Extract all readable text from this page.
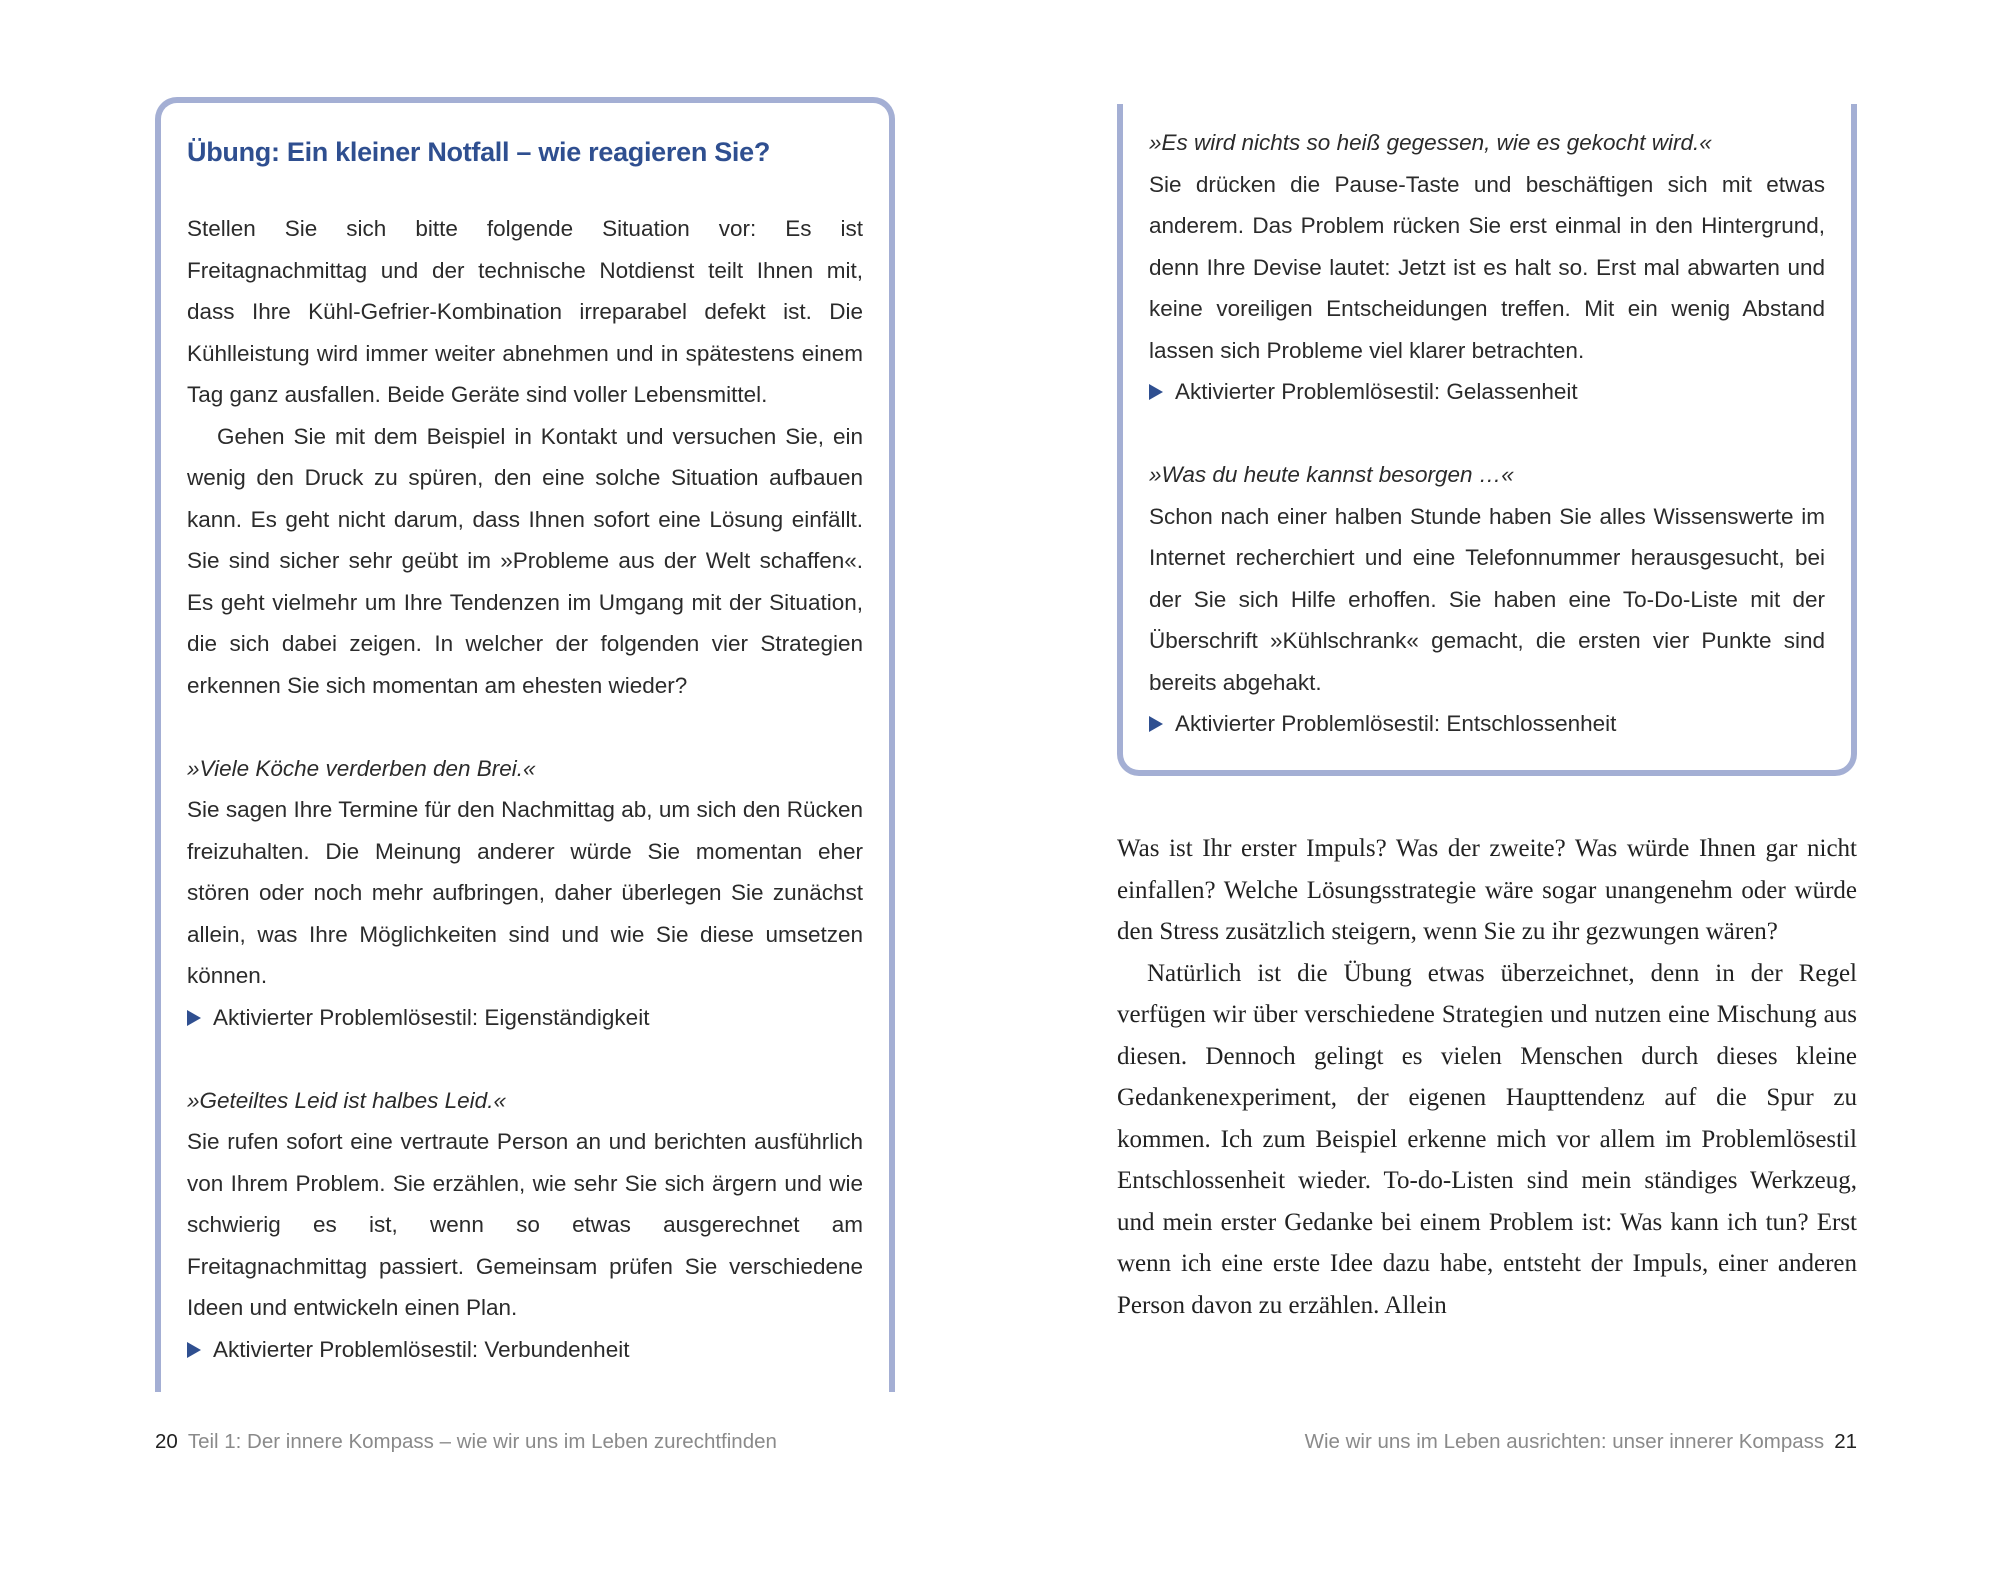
Übung: Ein kleiner Notfall – wie reagieren Sie?

Stellen Sie sich bitte folgende Situation vor: Es ist Freitagnachmittag und der technische Notdienst teilt Ihnen mit, dass Ihre Kühl-Gefrier-Kombination irreparabel defekt ist. Die Kühlleistung wird immer weiter abnehmen und in spätestens einem Tag ganz ausfallen. Beide Geräte sind voller Lebensmittel.

Gehen Sie mit dem Beispiel in Kontakt und versuchen Sie, ein wenig den Druck zu spüren, den eine solche Situation aufbauen kann. Es geht nicht darum, dass Ihnen sofort eine Lösung einfällt. Sie sind sicher sehr geübt im »Probleme aus der Welt schaffen«. Es geht vielmehr um Ihre Tendenzen im Umgang mit der Situation, die sich dabei zeigen. In welcher der folgenden vier Strategien erkennen Sie sich momentan am ehesten wieder?

»Viele Köche verderben den Brei.«

Sie sagen Ihre Termine für den Nachmittag ab, um sich den Rücken freizuhalten. Die Meinung anderer würde Sie momentan eher stören oder noch mehr aufbringen, daher überlegen Sie zunächst allein, was Ihre Möglichkeiten sind und wie Sie diese umsetzen können.

Aktivierter Problemlösestil: Eigenständigkeit

»Geteiltes Leid ist halbes Leid.«

Sie rufen sofort eine vertraute Person an und berichten ausführlich von Ihrem Problem. Sie erzählen, wie sehr Sie sich ärgern und wie schwierig es ist, wenn so etwas ausgerechnet am Freitagnachmittag passiert. Gemeinsam prüfen Sie verschiedene Ideen und entwickeln einen Plan.

Aktivierter Problemlösestil: Verbundenheit

20 Teil 1: Der innere Kompass – wie wir uns im Leben zurechtfinden

»Es wird nichts so heiß gegessen, wie es gekocht wird.«

Sie drücken die Pause-Taste und beschäftigen sich mit etwas anderem. Das Problem rücken Sie erst einmal in den Hintergrund, denn Ihre Devise lautet: Jetzt ist es halt so. Erst mal abwarten und keine voreiligen Entscheidungen treffen. Mit ein wenig Abstand lassen sich Probleme viel klarer betrachten.

Aktivierter Problemlösestil: Gelassenheit

»Was du heute kannst besorgen …«

Schon nach einer halben Stunde haben Sie alles Wissenswerte im Internet recherchiert und eine Telefonnummer herausgesucht, bei der Sie sich Hilfe erhoffen. Sie haben eine To-Do-Liste mit der Überschrift »Kühlschrank« gemacht, die ersten vier Punkte sind bereits abgehakt.

Aktivierter Problemlösestil: Entschlossenheit

Was ist Ihr erster Impuls? Was der zweite? Was würde Ihnen gar nicht einfallen? Welche Lösungsstrategie wäre sogar unangenehm oder würde den Stress zusätzlich steigern, wenn Sie zu ihr gezwungen wären?

Natürlich ist die Übung etwas überzeichnet, denn in der Regel verfügen wir über verschiedene Strategien und nutzen eine Mischung aus diesen. Dennoch gelingt es vielen Menschen durch dieses kleine Gedankenexperiment, der eigenen Haupttendenz auf die Spur zu kommen. Ich zum Beispiel erkenne mich vor allem im Problemlösestil Entschlossenheit wieder. To-do-Listen sind mein ständiges Werkzeug, und mein erster Gedanke bei einem Problem ist: Was kann ich tun? Erst wenn ich eine erste Idee dazu habe, entsteht der Impuls, einer anderen Person davon zu erzählen. Allein

Wie wir uns im Leben ausrichten: unser innerer Kompass 21
